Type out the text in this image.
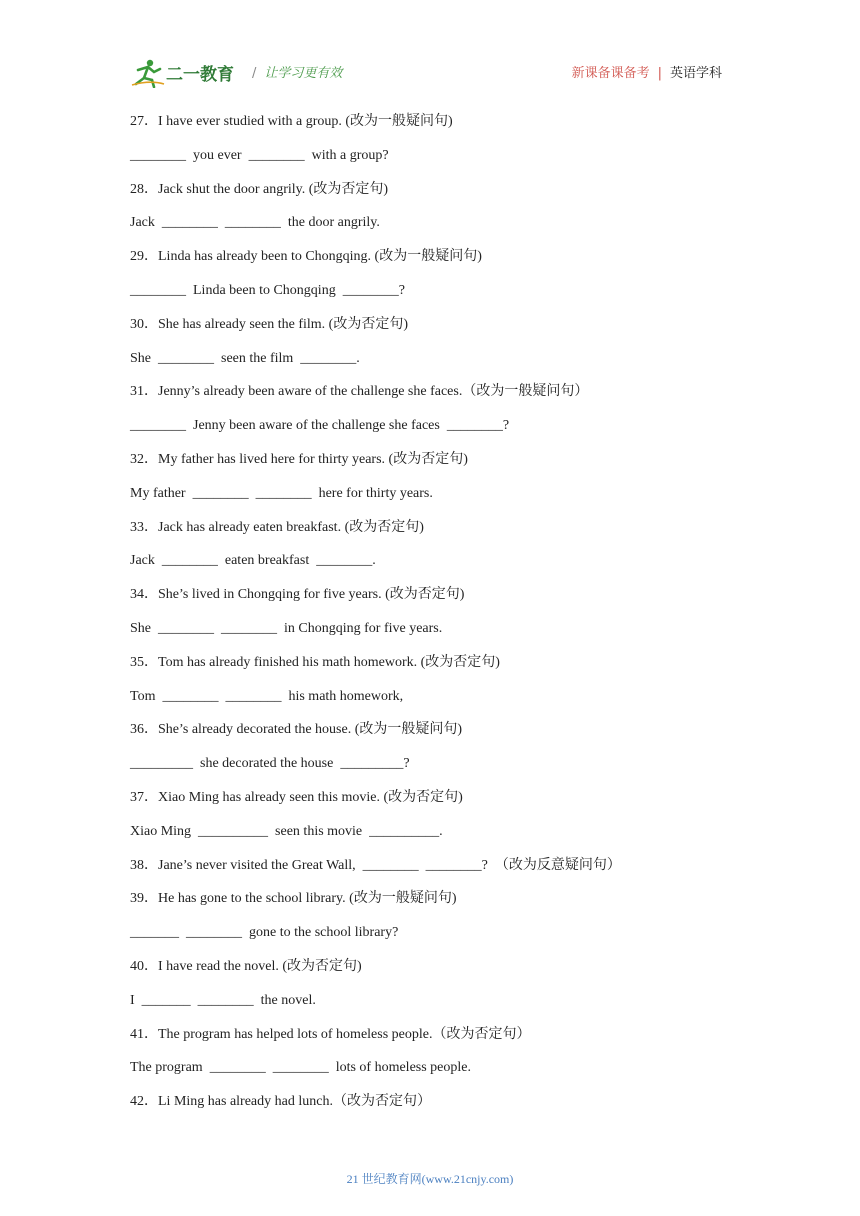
二一教育 / 让学习更有效	新课备课备考 | 英语学科
27．I have ever studied with a group. (改为一般疑问句)
________  you ever  ________  with a group?
28．Jack shut the door angrily. (改为否定句)
Jack  ________  ________  the door angrily.
29．Linda has already been to Chongqing. (改为一般疑问句)
________  Linda been to Chongqing  ________?
30．She has already seen the film. (改为否定句)
She  ________  seen the film  ________.
31．Jenny’s already been aware of the challenge she faces.（改为一般疑问句）
________  Jenny been aware of the challenge she faces  ________?
32．My father has lived here for thirty years. (改为否定句)
My father  ________  ________  here for thirty years.
33．Jack has already eaten breakfast. (改为否定句)
Jack  ________  eaten breakfast  ________.
34．She’s lived in Chongqing for five years. (改为否定句)
She  ________  ________  in Chongqing for five years.
35．Tom has already finished his math homework. (改为否定句)
Tom  ________  ________  his math homework,
36．She’s already decorated the house. (改为一般疑问句)
_________  she decorated the house  _________?
37．Xiao Ming has already seen this movie. (改为否定句)
Xiao Ming  __________  seen this movie  __________.
38．Jane’s never visited the Great Wall,  ________  ________?  （改为反意疑问句）
39．He has gone to the school library. (改为一般疑问句)
_______  ________  gone to the school library?
40．I have read the novel. (改为否定句)
I  _______  ________  the novel.
41．The program has helped lots of homeless people.（改为否定句）
The program  ________  ________  lots of homeless people.
42．Li Ming has already had lunch.（改为否定句）
21 世纪教育网(www.21cnjy.com)
